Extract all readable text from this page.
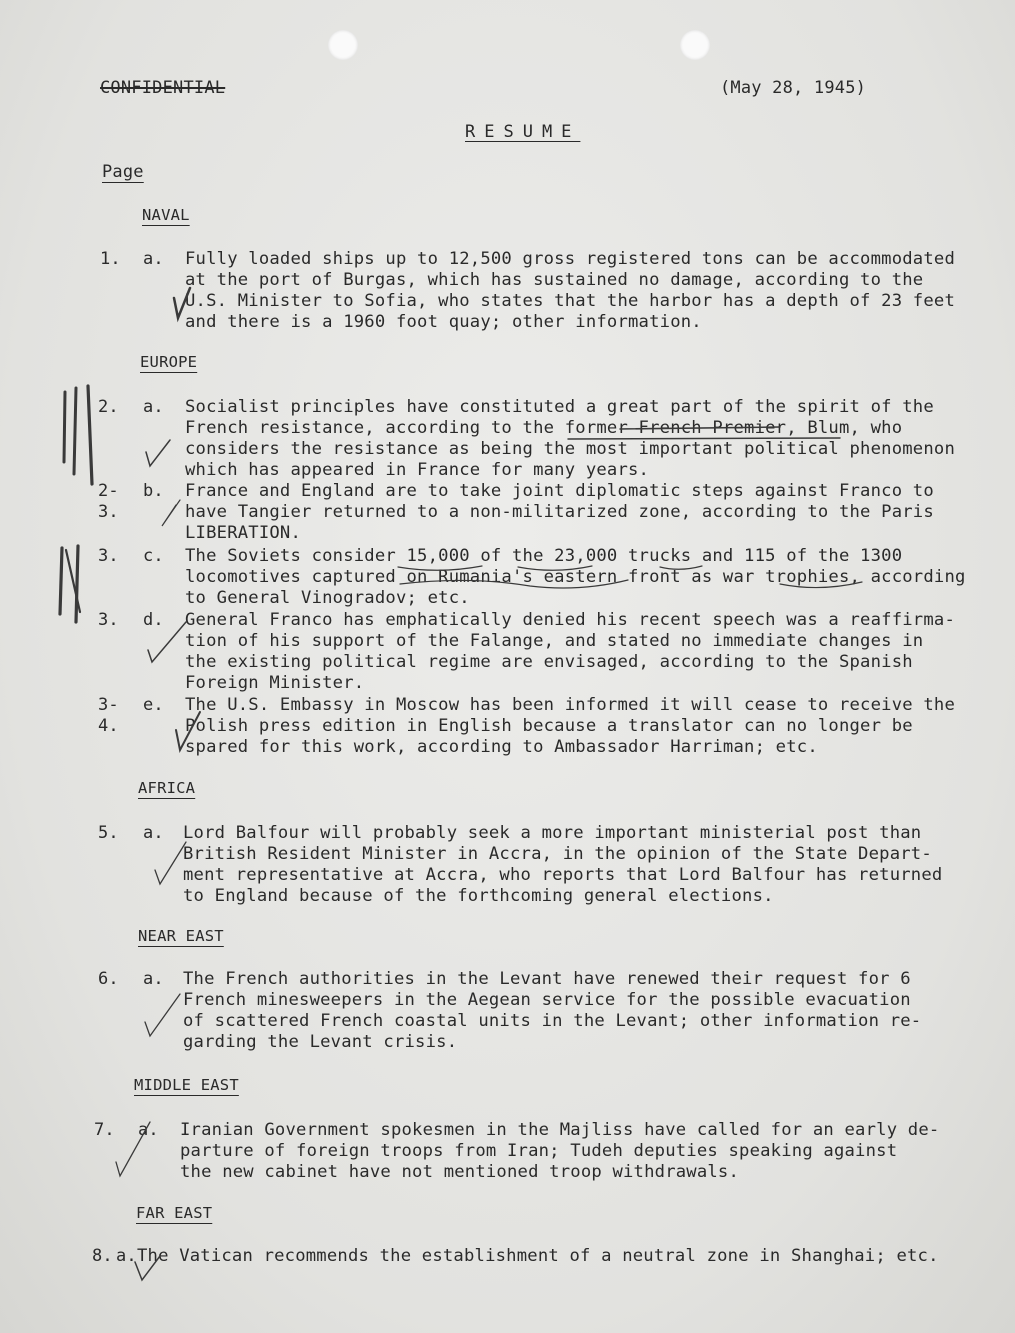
CONFIDENTIAL	(May 28, 1945)
RESUME
Page
NAVAL
1. a. Fully loaded ships up to 12,500 gross registered tons can be accommodated
at the port of Burgas, which has sustained no damage, according to the
U.S. Minister to Sofia, who states that the harbor has a depth of 23 feet
and there is a 1960 foot quay; other information.
EUROPE
2. a. Socialist principles have constituted a great part of the spirit of the
French resistance, according to the former French Premier, Blum, who
considers the resistance as being the most important political phenomenon
which has appeared in France for many years.
2-
3.
b. France and England are to take joint diplomatic steps against Franco to
have Tangier returned to a non-militarized zone, according to the Paris
LIBERATION.
3. c. The Soviets consider 15,000 of the 23,000 trucks and 115 of the 1300
locomotives captured on Rumania's eastern front as war trophies, according
to General Vinogradov; etc.
3. d. General Franco has emphatically denied his recent speech was a reaffirma-
tion of his support of the Falange, and stated no immediate changes in
the existing political regime are envisaged, according to the Spanish
Foreign Minister.
3-
4.
e. The U.S. Embassy in Moscow has been informed it will cease to receive the
Polish press edition in English because a translator can no longer be
spared for this work, according to Ambassador Harriman; etc.
AFRICA
5. a. Lord Balfour will probably seek a more important ministerial post than
British Resident Minister in Accra, in the opinion of the State Depart-
ment representative at Accra, who reports that Lord Balfour has returned
to England because of the forthcoming general elections.
NEAR EAST
6. a. The French authorities in the Levant have renewed their request for 6
French minesweepers in the Aegean service for the possible evacuation
of scattered French coastal units in the Levant; other information re-
garding the Levant crisis.
MIDDLE EAST
7. a. Iranian Government spokesmen in the Majliss have called for an early de-
parture of foreign troops from Iran; Tudeh deputies speaking against
the new cabinet have not mentioned troop withdrawals.
FAR EAST
8. a. The Vatican recommends the establishment of a neutral zone in Shanghai; etc.
